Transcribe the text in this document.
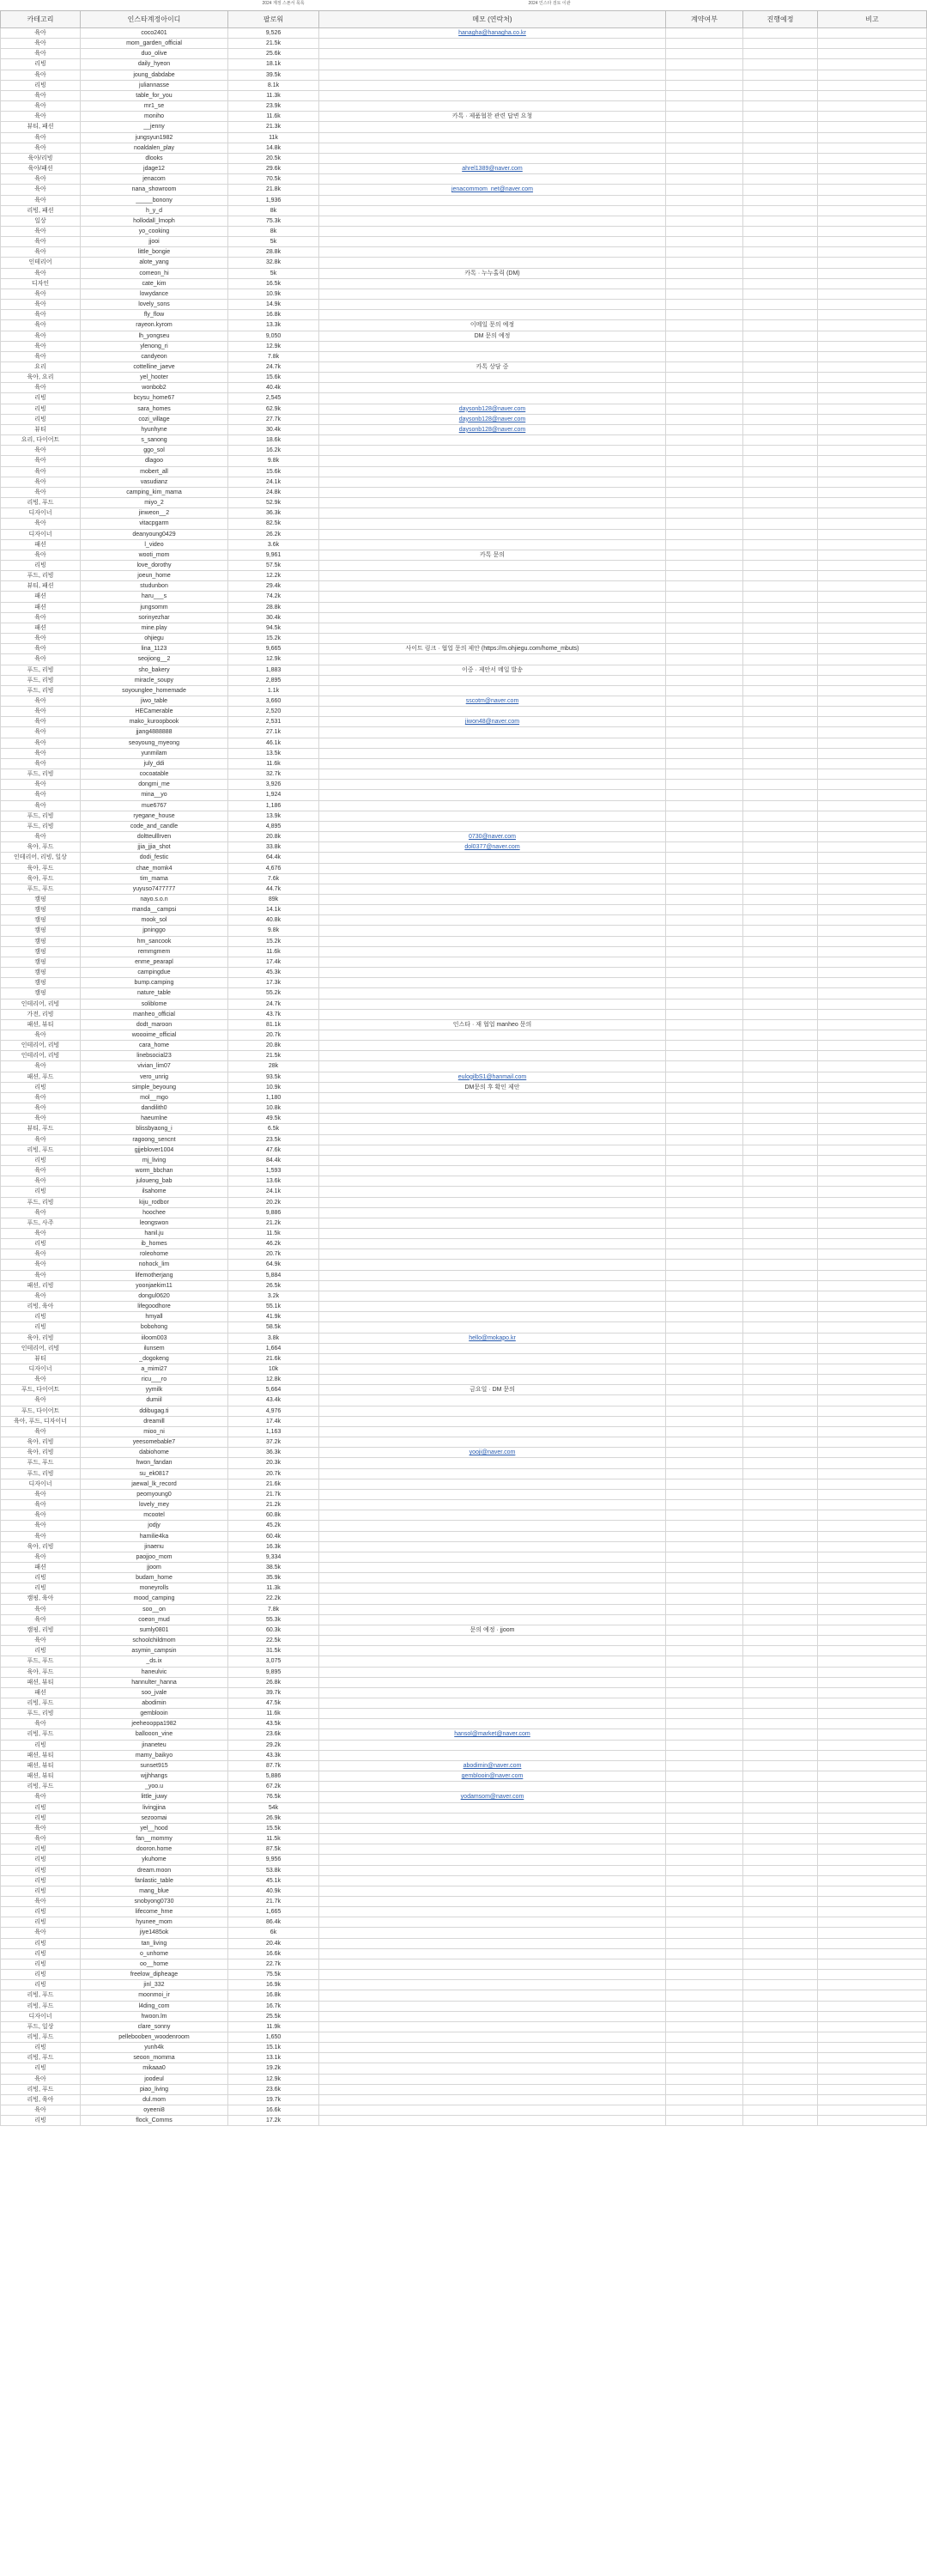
2024 계정 스폰서 목록	2024 인스타 검토 이관
카테고리	인스타계정아이디	팔로워	메모 (연락처)	계약여부	진행예정	비고
육아	coco2401	9,526	hanagha@hanagha.co.kr
육아	mom_garden_official	21.5k
육아	duo_olive	25.6k
리빙	daily_hyeon	18.1k
육아	joung_dabdabe	39.5k
리빙	juliannasse	8.1k
육아	table_for_you	11.3k
육아	mr1_se	23.9k
육아	moniho	11.6k	카톡 · 제품협찬 관련 답변 요청
뷰티, 패션	__jenny	21.3k
육아	jungsyun1982	11k
육아	noaldalen_play	14.8k
육아/리빙	dlooks	20.5k
육아/패션	jdage12	29.6k	ahrel1389@naver.com
육아	jenacom	70.5k
육아	nana_showroom	21.8k	jenacommom_net@naver.com
육아	_____bonony	1,936
리빙, 패션	h_y_d	8k
일상	hollodall_lmoph	75.3k
육아	yo_cooking	8k
육아	jjooi	5k
육아	little_bongie	28.8k
인테리어	alote_yang	32.8k
육아	comeon_hi	5k	카톡 · 누누홀릭 (DM)
디자인	cate_kim	16.5k
육아	lowydance	10.9k
육아	lovely_sons	14.9k
육아	fly_flow	16.8k
육아	rayeon.kyrom	13.3k	이메일 문의 예정
육아	lh_yongseu	9,050	DM 문의 예정
육아	ylenong_ri	12.9k
육아	candyeon	7.8k
요리	cottelline_jaeve	24.7k	카톡 상담 중
육아, 요리	yel_hooter	15.6k
육아	wonbob2	40.4k
리빙	bcysu_home67	2,545
리빙	sara_homes	62.9k	daysonb128@naver.com
리빙	cozi_village	27.7k	daysonb128@naver.com
뷰티	hyunhyne	30.4k	daysonb128@naver.com
요리, 다이어트	s_sanong	18.6k
육아	ggo_sol	16.2k
육아	dlagoo	9.8k
육아	mobert_all	15.6k
육아	vasudianz	24.1k
육아	camping_kim_mama	24.8k
리빙, 푸드	miyo_2	52.9k
디자이너	jinweon__2	36.3k
육아	vitacpgarm	82.5k
디자이너	deanyoung0429	26.2k
패션	l_video	3.6k
육아	wooti_mom	9,961	카톡 문의
리빙	love_dorothy	57.5k
푸드, 리빙	joeun_home	12.2k
뷰티, 패션	studunbon	29.4k
패션	haru___s	74.2k
패션	jungsomm	28.8k
육아	sorinyezhar	30.4k
패션	mine.play	94.5k
육아	ohjiegu	15.2k
육아	lina_1123	9,665	사이트 링크 · 협업 문의 제안 (https://m.ohjiegu.com/home_mbuts)
육아	seojiong__2	12.9k
푸드, 리빙	sho_bakery	1,883	이중 · 제안서 메일 발송
푸드, 리빙	miracle_soupy	2,895
푸드, 리빙	soyounglee_homemade	1.1k
육아	jiwo_table	3,660	sscotm@naver.com
육아	HECamerable	2,520
육아	mako_kuroopbook	2,531	jiwon48@naver.com
육아	jjang4888888	27.1k
육아	seoyoung_myeong	46.1k
육아	yunmilam	13.5k
육아	july_ddi	11.6k
푸드, 리빙	cocoatable	32.7k
육아	dongmi_me	3,926
육아	mina__yo	1,924
육아	mue6767	1,186
푸드, 리빙	ryegane_house	13.9k
푸드, 리빙	code_and_candle	4,895
육아	doltteulllrven	20.8k	0730@naver.com
육아, 푸드	jjia_jjia_shot	33.8k	dol0377@naver.com
인테리어, 리빙, 일상	dodi_festic	64.4k
육아, 푸드	chae_momk4	4,676
육아, 푸드	tim_mama	7.6k
푸드, 푸드	yuyuso7477777	44.7k
캠핑	nayo.s.o.n	89k
캠핑	manda__campsi	14.1k
캠핑	mook_sol	40.8k
캠핑	jpninggo	9.8k
캠핑	hm_sancook	15.2k
캠핑	remmgmem	11.6k
캠핑	enme_pearapl	17.4k
캠핑	campingdue	45.3k
캠핑	bump.camping	17.3k
캠핑	nature_table	55.2k
인테리어, 리빙	soliblome	24.7k
가전, 리빙	manheo_official	43.7k
패션, 뷰티	dodt_maroon	81.1k	인스타 · 재 협업 manheo 문의
육아	woooime_official	20.7k
인테리어, 리빙	cara_home	20.8k
인테리어, 리빙	linebsocial23	21.5k
육아	vivian_lim07	28k
패션, 푸드	vero_unrig	93.5k	eulogilbS1@hanmail.com
리빙	simple_beyoung	10.9k	DM문의 후 확인 제안
육아	mol__mgo	1,180
육아	dandilith0	10.8k
육아	haeumlne	49.5k
뷰티, 푸드	blissbyaong_i	6.5k
육아	ragoong_sencnt	23.5k
리빙, 푸드	gjjeblover1004	47.6k
리빙	mj_living	84.4k
육아	worm_bbchan	1,593
육아	juloueng_bab	13.6k
리빙	ilsahome	24.1k
푸드, 리빙	kiju_rodbor	20.2k
육아	hoochee	9,886
푸드, 사주	leongswon	21.2k
육아	hanil.ju	11.5k
리빙	ib_homes	46.2k
육아	roleohome	20.7k
육아	nohock_lim	64.9k
육아	lifemotherjang	5,884
패션, 리빙	yoonjaekim11	26.5k
육아	dongul0620	3.2k
리빙, 육아	lifegoodhore	55.1k
리빙	hmyall	41.9k
리빙	bobohong	58.5k
육아, 리빙	iiloom003	3.8k	hello@mokapo.kr
인테리어, 리빙	ilunsem	1,664
뷰티	_dogokeng	21.6k
디자이너	a_mimi27	10k
육아	ricu___ro	12.8k
푸드, 다이어트	yymilk	5,664	금요일 · DM 문의
육아	dumiil	43.4k
푸드, 다이어트	ddibugag.ti	4,976
육아, 푸드, 디자이너	dreamill	17.4k
육아	mioo_ni	1,163
육아, 리빙	yeesomebable7	37.2k
육아, 리빙	dabiohome	36.3k	yooji@naver.com
푸드, 푸드	hwon_fandan	20.3k
푸드, 리빙	su_ek0817	20.7k
디자이너	jaewal_lk_record	21.6k
육아	peomyoung0	21.7k
육아	lovely_mey	21.2k
육아	mcootel	60.8k
육아	jodjy	45.2k
육아	hamilie4ka	60.4k
육아, 리빙	jinaenu	16.3k
육아	paojjoo_mom	9,334
패션	jjoom	38.5k
리빙	budam_home	35.9k
리빙	moneyrolls	11.3k
캠핑, 육아	mood_camping	22.2k
육아	soo__on	7.8k
육아	coeon_mud	55.3k
캠핑, 리빙	sumly0801	60.3k	문의 예정 · jjoom
육아	schoolchildmom	22.5k
리빙	asymin_campsin	31.5k
푸드, 푸드	_ds.ix	3,075
육아, 푸드	haneulvic	9,895
패션, 뷰티	hannulter_hanna	26.8k
패션	soo_jvale	39.7k
리빙, 푸드	abodimin	47.5k
푸드, 리빙	gemblooin	11.6k
육아	jeeheooppa1982	43.5k
리빙, 푸드	ballooon_vine	23.6k	hansol@market@naver.com
리빙	jinaneteu	29.2k
패션, 뷰티	mamy_baikyo	43.3k
패션, 뷰티	sunset915	87.7k	abodimin@naver.com
패션, 뷰티	wjjhhangs	5,886	gemblooin@naver.com
리빙, 푸드	_yoo.u	67.2k
육아	little_juwy	76.5k	yodamsom@naver.com
리빙	livingjina	54k
리빙	sezoomai	26.9k
육아	yel__hood	15.5k
육아	fan__mommy	11.5k
리빙	dooron.home	87.5k
리빙	ykuhome	9,956
리빙	dream.moon	53.8k
리빙	fanlastic_table	45.1k
리빙	mang_blue	40.9k
육아	snobyong0730	21.7k
리빙	lifecome_hme	1,665
리빙	hyunee_mom	86.4k
육아	jiye1485ok	6k
리빙	tan_living	20.4k
리빙	o_unhome	16.6k
리빙	oo__home	22.7k
리빙	freelow_dipheage	75.5k
리빙	jinl_332	16.9k
리빙, 푸드	moonmoi_ir	16.8k
리빙, 푸드	l4ding_com	16.7k
디자이너	hwoon.lm	25.5k
푸드, 일상	clare_sonny	11.9k
리빙, 푸드	pellebooben_woodenroom	1,650
리빙	yunh4k	15.1k
리빙, 푸드	seoon_momma	13.1k
리빙	mikaaa0	19.2k
육아	joodeul	12.9k
리빙, 푸드	piao_living	23.6k
리빙, 육아	dul.mom	19.7k
육아	oyeeni8	16.6k
리빙	flock_Comms	17.2k
